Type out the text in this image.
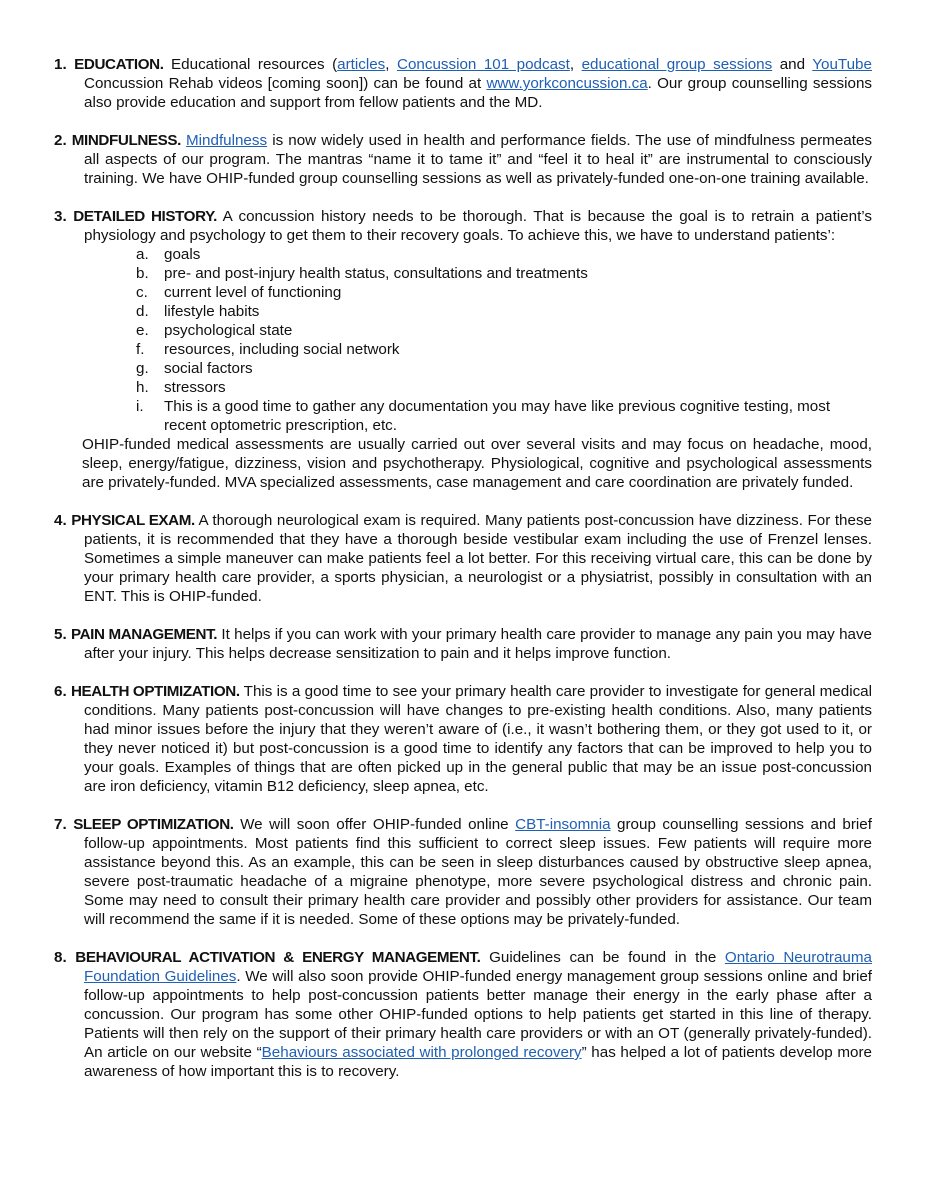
1. EDUCATION. Educational resources (articles, Concussion 101 podcast, educational group sessions and YouTube Concussion Rehab videos [coming soon]) can be found at www.yorkconcussion.ca. Our group counselling sessions also provide education and support from fellow patients and the MD.

2. MINDFULNESS. Mindfulness is now widely used in health and performance fields. The use of mindfulness permeates all aspects of our program. The mantras “name it to tame it” and “feel it to heal it” are instrumental to consciously training. We have OHIP-funded group counselling sessions as well as privately-funded one-on-one training available.

3. DETAILED HISTORY. A concussion history needs to be thorough. That is because the goal is to retrain a patient’s physiology and psychology to get them to their recovery goals. To achieve this, we have to understand patients’:

a. goals
b. pre- and post-injury health status, consultations and treatments
c. current level of functioning
d. lifestyle habits
e. psychological state
f. resources, including social network
g. social factors
h. stressors
i. This is a good time to gather any documentation you may have like previous cognitive testing, most recent optometric prescription, etc.

OHIP-funded medical assessments are usually carried out over several visits and may focus on headache, mood, sleep, energy/fatigue, dizziness, vision and psychotherapy. Physiological, cognitive and psychological assessments are privately-funded. MVA specialized assessments, case management and care coordination are privately funded.

4. PHYSICAL EXAM. A thorough neurological exam is required. Many patients post-concussion have dizziness. For these patients, it is recommended that they have a thorough beside vestibular exam including the use of Frenzel lenses. Sometimes a simple maneuver can make patients feel a lot better. For this receiving virtual care, this can be done by your primary health care provider, a sports physician, a neurologist or a physiatrist, possibly in consultation with an ENT. This is OHIP-funded.

5. PAIN MANAGEMENT. It helps if you can work with your primary health care provider to manage any pain you may have after your injury. This helps decrease sensitization to pain and it helps improve function.

6. HEALTH OPTIMIZATION. This is a good time to see your primary health care provider to investigate for general medical conditions. Many patients post-concussion will have changes to pre-existing health conditions. Also, many patients had minor issues before the injury that they weren’t aware of (i.e., it wasn’t bothering them, or they got used to it, or they never noticed it) but post-concussion is a good time to identify any factors that can be improved to help you to your goals. Examples of things that are often picked up in the general public that may be an issue post-concussion are iron deficiency, vitamin B12 deficiency, sleep apnea, etc.

7. SLEEP OPTIMIZATION. We will soon offer OHIP-funded online CBT-insomnia group counselling sessions and brief follow-up appointments. Most patients find this sufficient to correct sleep issues. Few patients will require more assistance beyond this. As an example, this can be seen in sleep disturbances caused by obstructive sleep apnea, severe post-traumatic headache of a migraine phenotype, more severe psychological distress and chronic pain. Some may need to consult their primary health care provider and possibly other providers for assistance. Our team will recommend the same if it is needed. Some of these options may be privately-funded.

8. BEHAVIOURAL ACTIVATION & ENERGY MANAGEMENT. Guidelines can be found in the Ontario Neurotrauma Foundation Guidelines. We will also soon provide OHIP-funded energy management group sessions online and brief follow-up appointments to help post-concussion patients better manage their energy in the early phase after a concussion. Our program has some other OHIP-funded options to help patients get started in this line of therapy. Patients will then rely on the support of their primary health care providers or with an OT (generally privately-funded). An article on our website “Behaviours associated with prolonged recovery” has helped a lot of patients develop more awareness of how important this is to recovery.
